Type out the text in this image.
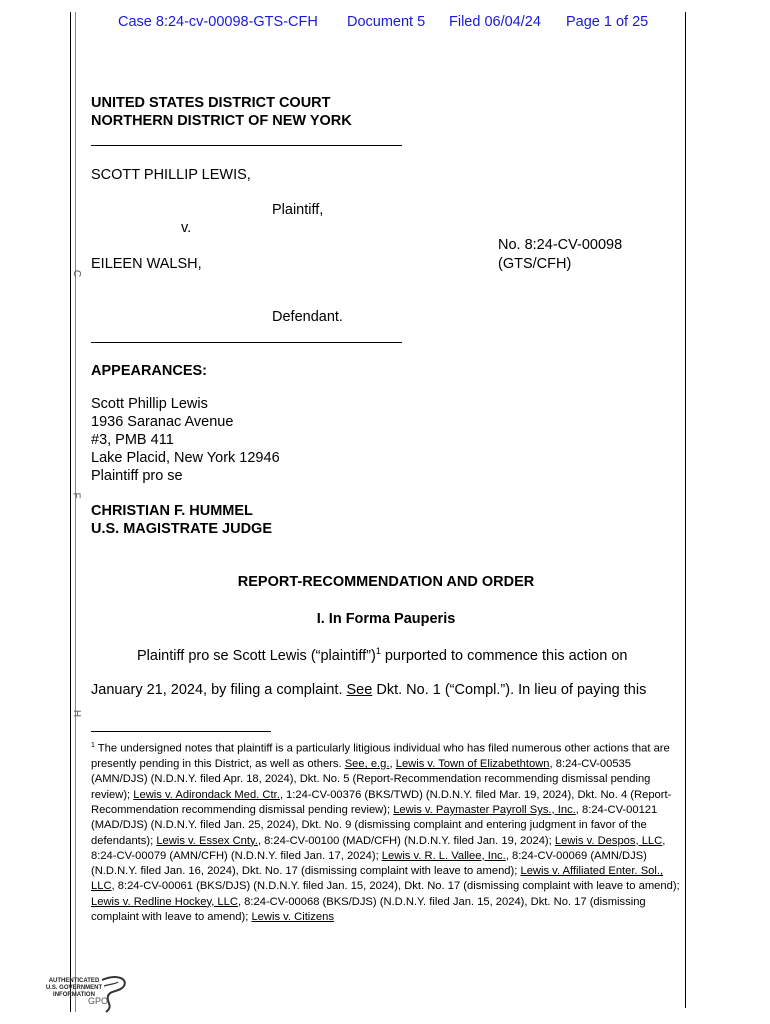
C
F
H
Case 8:24-cv-00098-GTS-CFH Document 5 Filed 06/04/24 Page 1 of 25
UNITED STATES DISTRICT COURT
NORTHERN DISTRICT OF NEW YORK
SCOTT PHILLIP LEWIS,
Plaintiff,
v.
No. 8:24-CV-00098
EILEEN WALSH,	(GTS/CFH)
Defendant.
APPEARANCES:
Scott Phillip Lewis
1936 Saranac Avenue
#3, PMB 411
Lake Placid, New York 12946
Plaintiff pro se
CHRISTIAN F. HUMMEL
U.S. MAGISTRATE JUDGE
REPORT-RECOMMENDATION AND ORDER
I. In Forma Pauperis
Plaintiff pro se Scott Lewis (“plaintiff”)$^1$ purported to commence this action on
January 21, 2024, by filing a complaint. See Dkt. No. 1 (“Compl.”). In lieu of paying this
$^1$ The undersigned notes that plaintiff is a particularly litigious individual who has filed numerous other actions that are presently pending in this District, as well as others. See, e.g., Lewis v. Town of Elizabethtown, 8:24-CV-00535 (AMN/DJS) (N.D.N.Y. filed Apr. 18, 2024), Dkt. No. 5 (Report-Recommendation recommending dismissal pending review); Lewis v. Adirondack Med. Ctr., 1:24-CV-00376 (BKS/TWD) (N.D.N.Y. filed Mar. 19, 2024), Dkt. No. 4 (Report-Recommendation recommending dismissal pending review); Lewis v. Paymaster Payroll Sys., Inc., 8:24-CV-00121 (MAD/DJS) (N.D.N.Y. filed Jan. 25, 2024), Dkt. No. 9 (dismissing complaint and entering judgment in favor of the defendants); Lewis v. Essex Cnty., 8:24-CV-00100 (MAD/CFH) (N.D.N.Y. filed Jan. 19, 2024); Lewis v. Despos, LLC, 8:24-CV-00079 (AMN/CFH) (N.D.N.Y. filed Jan. 17, 2024); Lewis v. R. L. Vallee, Inc., 8:24-CV-00069 (AMN/DJS) (N.D.N.Y. filed Jan. 16, 2024), Dkt. No. 17 (dismissing complaint with leave to amend); Lewis v. Affiliated Enter. Sol., LLC, 8:24-CV-00061 (BKS/DJS) (N.D.N.Y. filed Jan. 15, 2024), Dkt. No. 17 (dismissing complaint with leave to amend); Lewis v. Redline Hockey, LLC, 8:24-CV-00068 (BKS/DJS) (N.D.N.Y. filed Jan. 15, 2024), Dkt. No. 17 (dismissing complaint with leave to amend); Lewis v. Citizens
AUTHENTICATED
U.S. GOVERNMENT
INFORMATION
GPO
